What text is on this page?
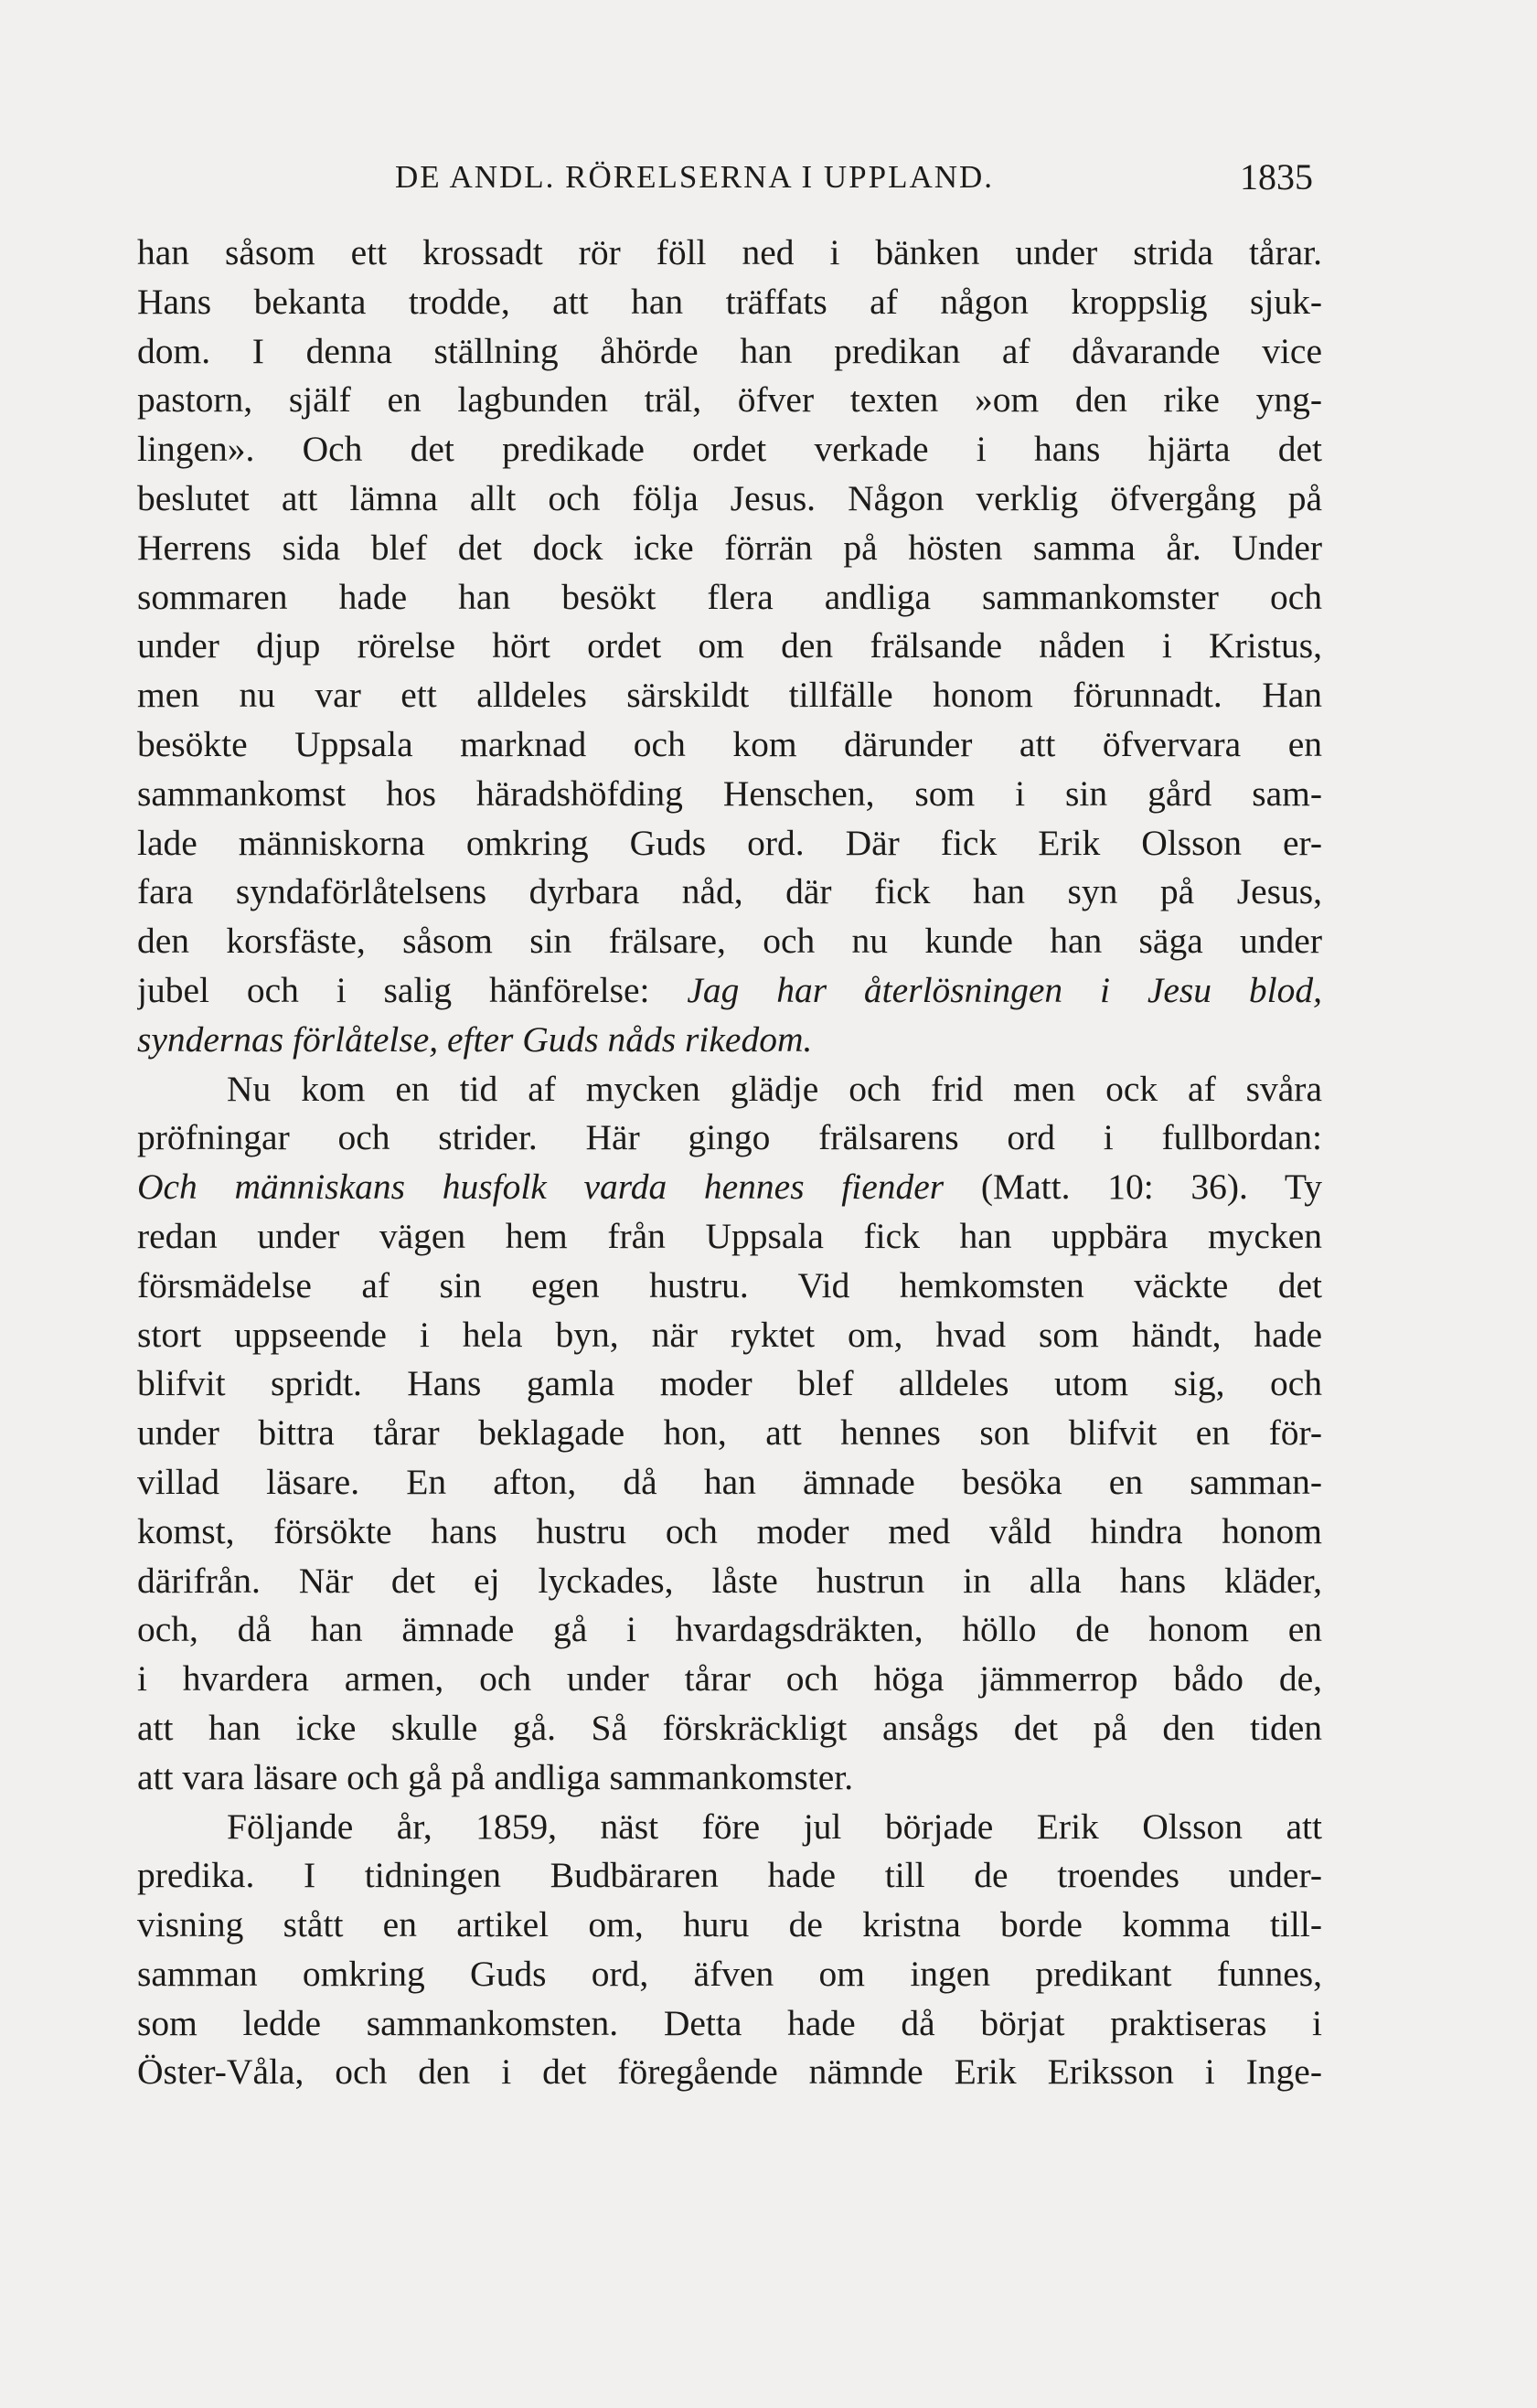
DE ANDL. RÖRELSERNA I UPPLAND.	1835
han såsom ett krossadt rör föll ned i bänken under strida tårar.
Hans bekanta trodde, att han träffats af någon kroppslig sjuk-
dom. I denna ställning åhörde han predikan af dåvarande vice
pastorn, själf en lagbunden träl, öfver texten »om den rike yng-
lingen». Och det predikade ordet verkade i hans hjärta det
beslutet att lämna allt och följa Jesus. Någon verklig öfvergång på
Herrens sida blef det dock icke förrän på hösten samma år. Under
sommaren hade han besökt flera andliga sammankomster och
under djup rörelse hört ordet om den frälsande nåden i Kristus,
men nu var ett alldeles särskildt tillfälle honom förunnadt. Han
besökte Uppsala marknad och kom därunder att öfvervara en
sammankomst hos häradshöfding Henschen, som i sin gård sam-
lade människorna omkring Guds ord. Där fick Erik Olsson er-
fara syndaförlåtelsens dyrbara nåd, där fick han syn på Jesus,
den korsfäste, såsom sin frälsare, och nu kunde han säga under
jubel och i salig hänförelse: Jag har återlösningen i Jesu blod,
syndernas förlåtelse, efter Guds nåds rikedom.
Nu kom en tid af mycken glädje och frid men ock af svåra
pröfningar och strider. Här gingo frälsarens ord i fullbordan:
Och människans husfolk varda hennes fiender (Matt. 10: 36). Ty
redan under vägen hem från Uppsala fick han uppbära mycken
försmädelse af sin egen hustru. Vid hemkomsten väckte det
stort uppseende i hela byn, när ryktet om, hvad som händt, hade
blifvit spridt. Hans gamla moder blef alldeles utom sig, och
under bittra tårar beklagade hon, att hennes son blifvit en för-
villad läsare. En afton, då han ämnade besöka en samman-
komst, försökte hans hustru och moder med våld hindra honom
därifrån. När det ej lyckades, låste hustrun in alla hans kläder,
och, då han ämnade gå i hvardagsdräkten, höllo de honom en
i hvardera armen, och under tårar och höga jämmerrop bådo de,
att han icke skulle gå. Så förskräckligt ansågs det på den tiden
att vara läsare och gå på andliga sammankomster.
Följande år, 1859, näst före jul började Erik Olsson att
predika. I tidningen Budbäraren hade till de troendes under-
visning stått en artikel om, huru de kristna borde komma till-
samman omkring Guds ord, äfven om ingen predikant funnes,
som ledde sammankomsten. Detta hade då börjat praktiseras i
Öster-Våla, och den i det föregående nämnde Erik Eriksson i Inge-
